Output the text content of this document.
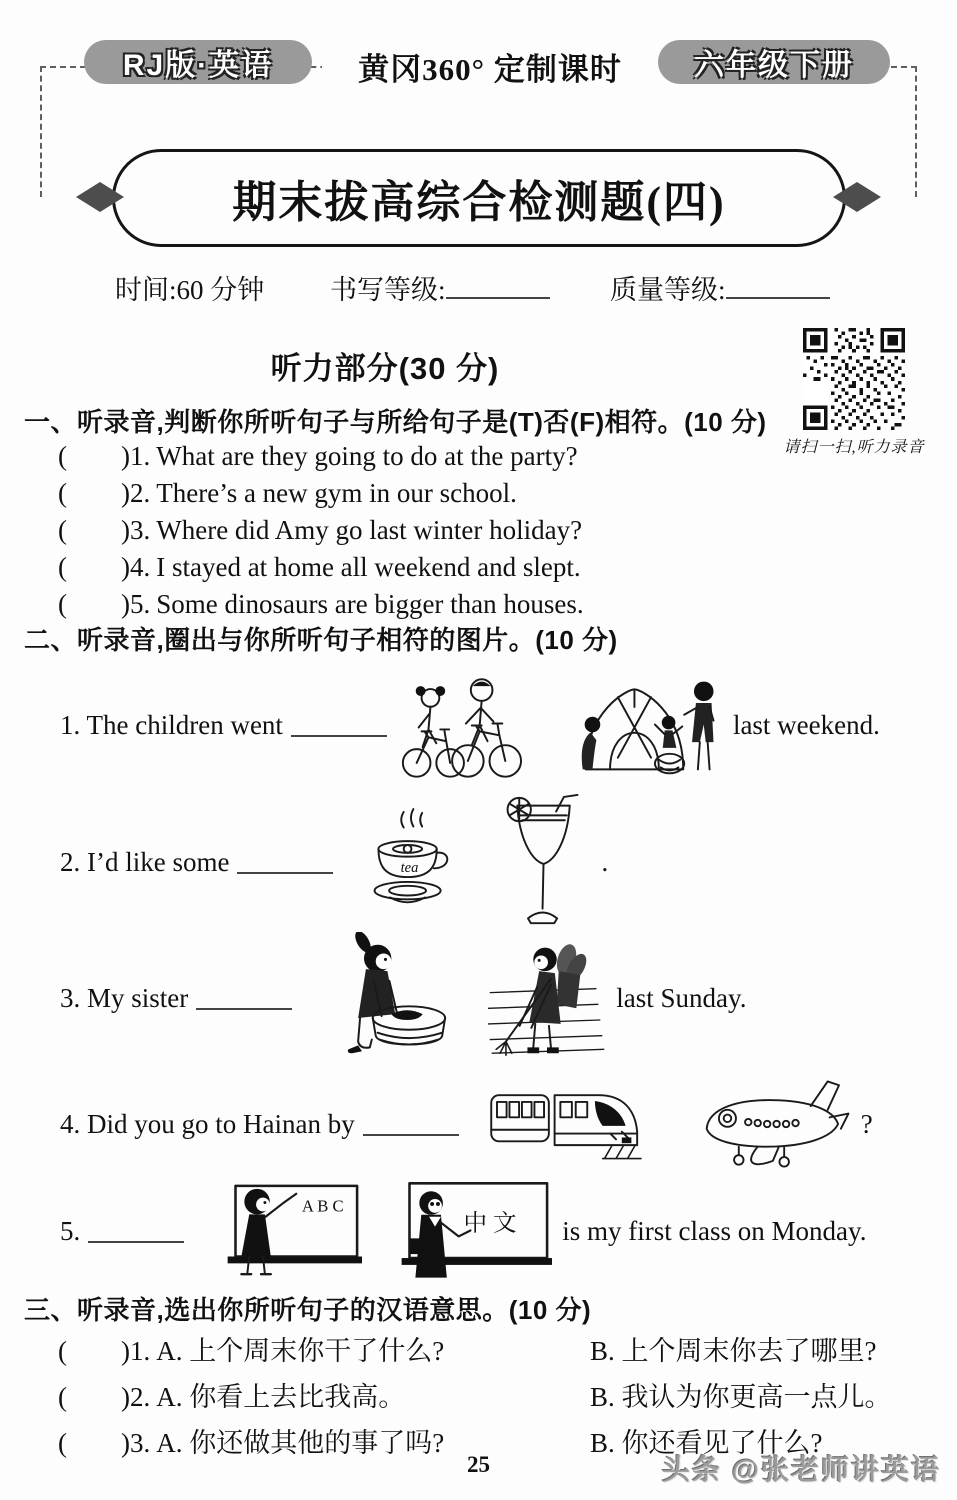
RJ版·英语	黄冈360° 定制课时	六年级下册
期末拔高综合检测题(四)
时间:60 分钟 书写等级:	质量等级:
听力部分(30 分)
请扫一扫,听力录音
一、听录音,判断你所听句子与所给句子是(T)否(F)相符。(10 分)
(        )1. What are they going to do at the party?
(        )2. There’s a new gym in our school.
(        )3. Where did Amy go last winter holiday?
(        )4. I stayed at home all weekend and slept.
(        )5. Some dinosaurs are bigger than houses.
二、听录音,圈出与你所听句子相符的图片。(10 分)
1. The children went	last weekend.
2. I’d like some	tea	.
3. My sister	last Sunday.
4. Did you go to Hainan by	?
5.
A B C
中 文 is my first class on Monday.
三、听录音,选出你所听句子的汉语意思。(10 分)
(        )1. A. 上个周末你干了什么?	B. 上个周末你去了哪里?
(        )2. A. 你看上去比我高。	B. 我认为你更高一点儿。
(        )3. A. 你还做其他的事了吗?	B. 你还看见了什么?
25	头条 @张老师讲英语
